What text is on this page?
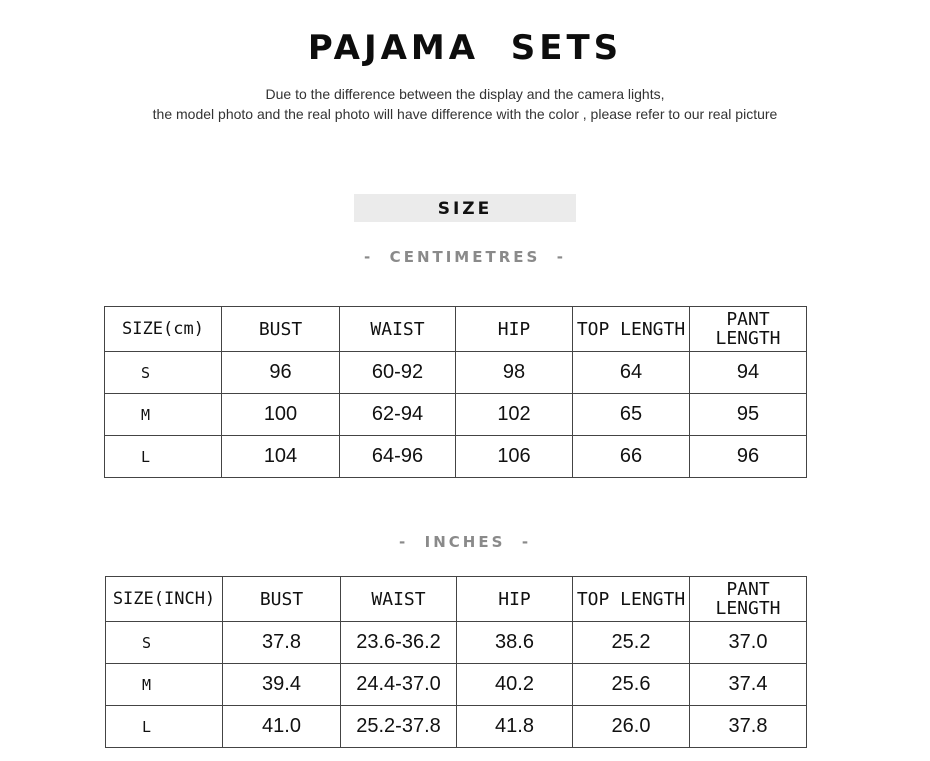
PAJAMA  SETS
Due to the difference between the display and the camera lights,
the model photo and the real photo will have difference with the color , please refer to our real picture
SIZE
-  CENTIMETRES  -
SIZE(cm)	BUST	WAIST	HIP	TOP LENGTH	PANT LENGTH
S	96	60-92	98	64	94
M	100	62-94	102	65	95
L	104	64-96	106	66	96
-  INCHES  -
SIZE(INCH)	BUST	WAIST	HIP	TOP LENGTH	PANT LENGTH
S	37.8	23.6-36.2	38.6	25.2	37.0
M	39.4	24.4-37.0	40.2	25.6	37.4
L	41.0	25.2-37.8	41.8	26.0	37.8
